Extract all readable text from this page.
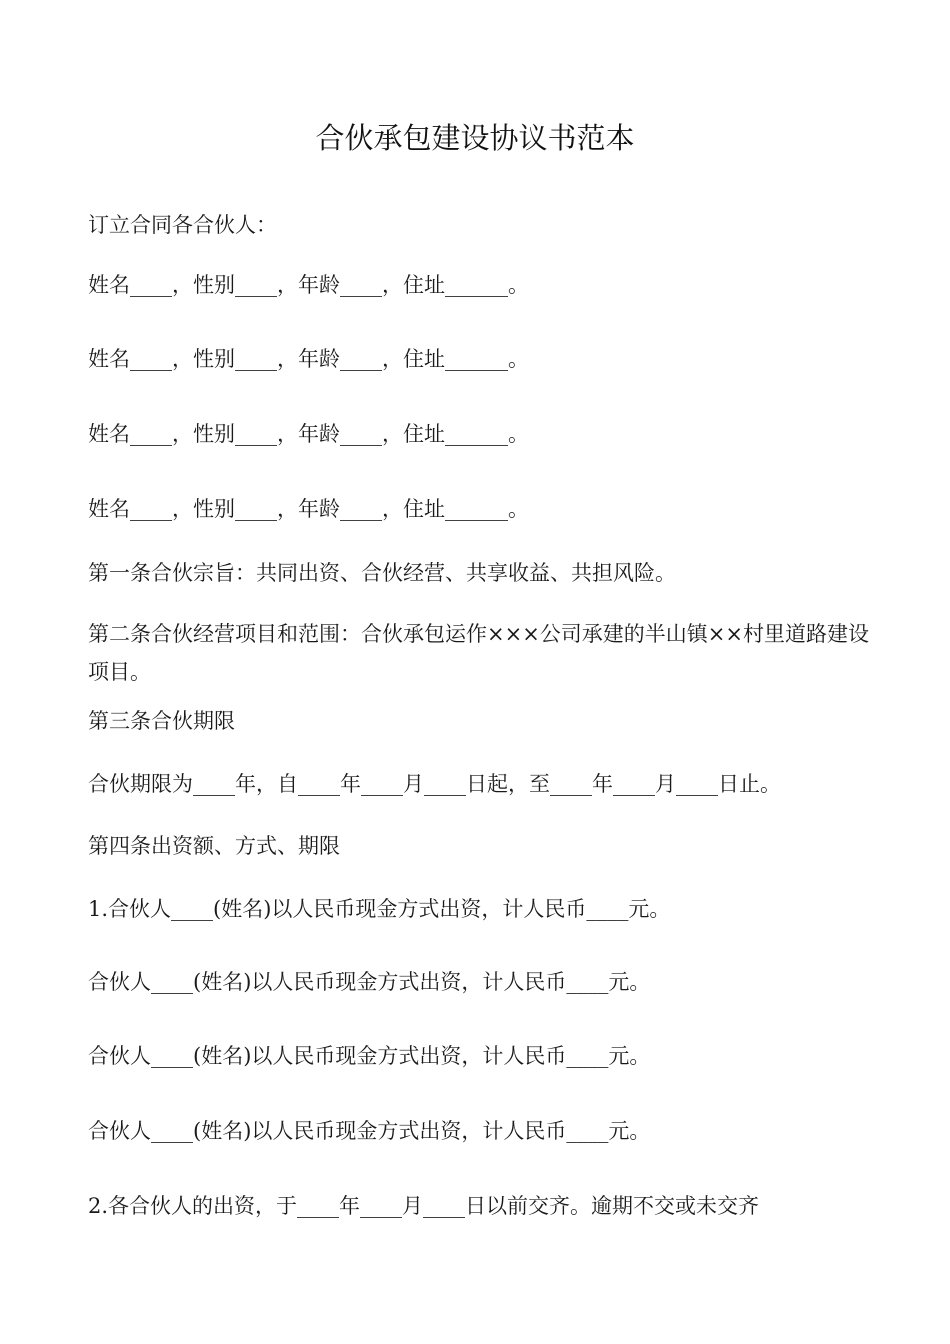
合伙承包建设协议书范本
订立合同各合伙人：
姓名____，性别____，年龄____，住址______。
姓名____，性别____，年龄____，住址______。
姓名____，性别____，年龄____，住址______。
姓名____，性别____，年龄____，住址______。
第一条合伙宗旨：共同出资、合伙经营、共享收益、共担风险。
第二条合伙经营项目和范围：合伙承包运作×××公司承建的半山镇××村里道路建设项目。
第三条合伙期限
合伙期限为____年，自____年____月____日起，至____年____月____日止。
第四条出资额、方式、期限
1.合伙人____(姓名)以人民币现金方式出资，计人民币____元。
合伙人____(姓名)以人民币现金方式出资，计人民币____元。
合伙人____(姓名)以人民币现金方式出资，计人民币____元。
合伙人____(姓名)以人民币现金方式出资，计人民币____元。
2.各合伙人的出资，于____年____月____日以前交齐。逾期不交或未交齐
